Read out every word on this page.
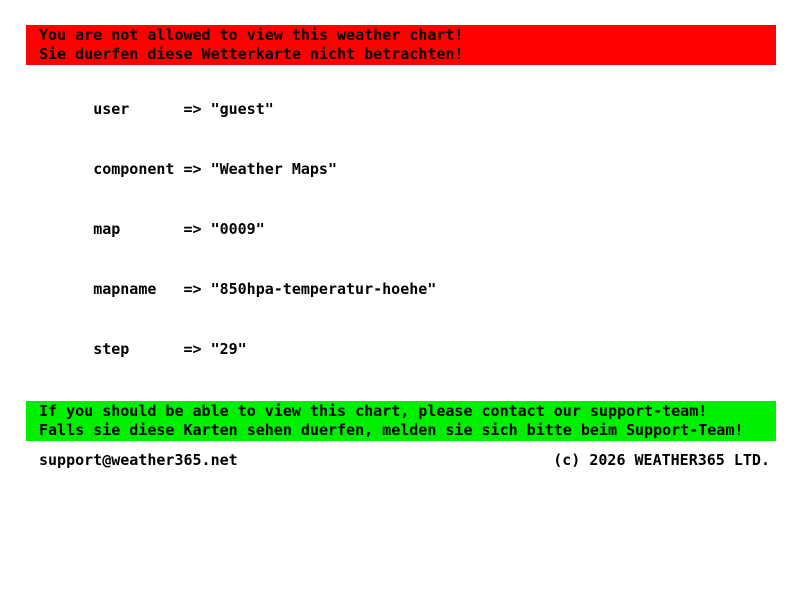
You are not allowed to view this weather chart!
Sie duerfen diese Wetterkarte nicht betrachten!

user	=> "guest"

component => "Weather Maps"

map	=> "0009"

mapname => "850hpa-temperatur-hoehe"

step	=> "29"

If you should be able to view this chart, please contact our support-team!
Falls sie diese Karten sehen duerfen, melden sie sich bitte beim Support-Team!
support@weather365.net	(c) 2026 WEATHER365 LTD.
